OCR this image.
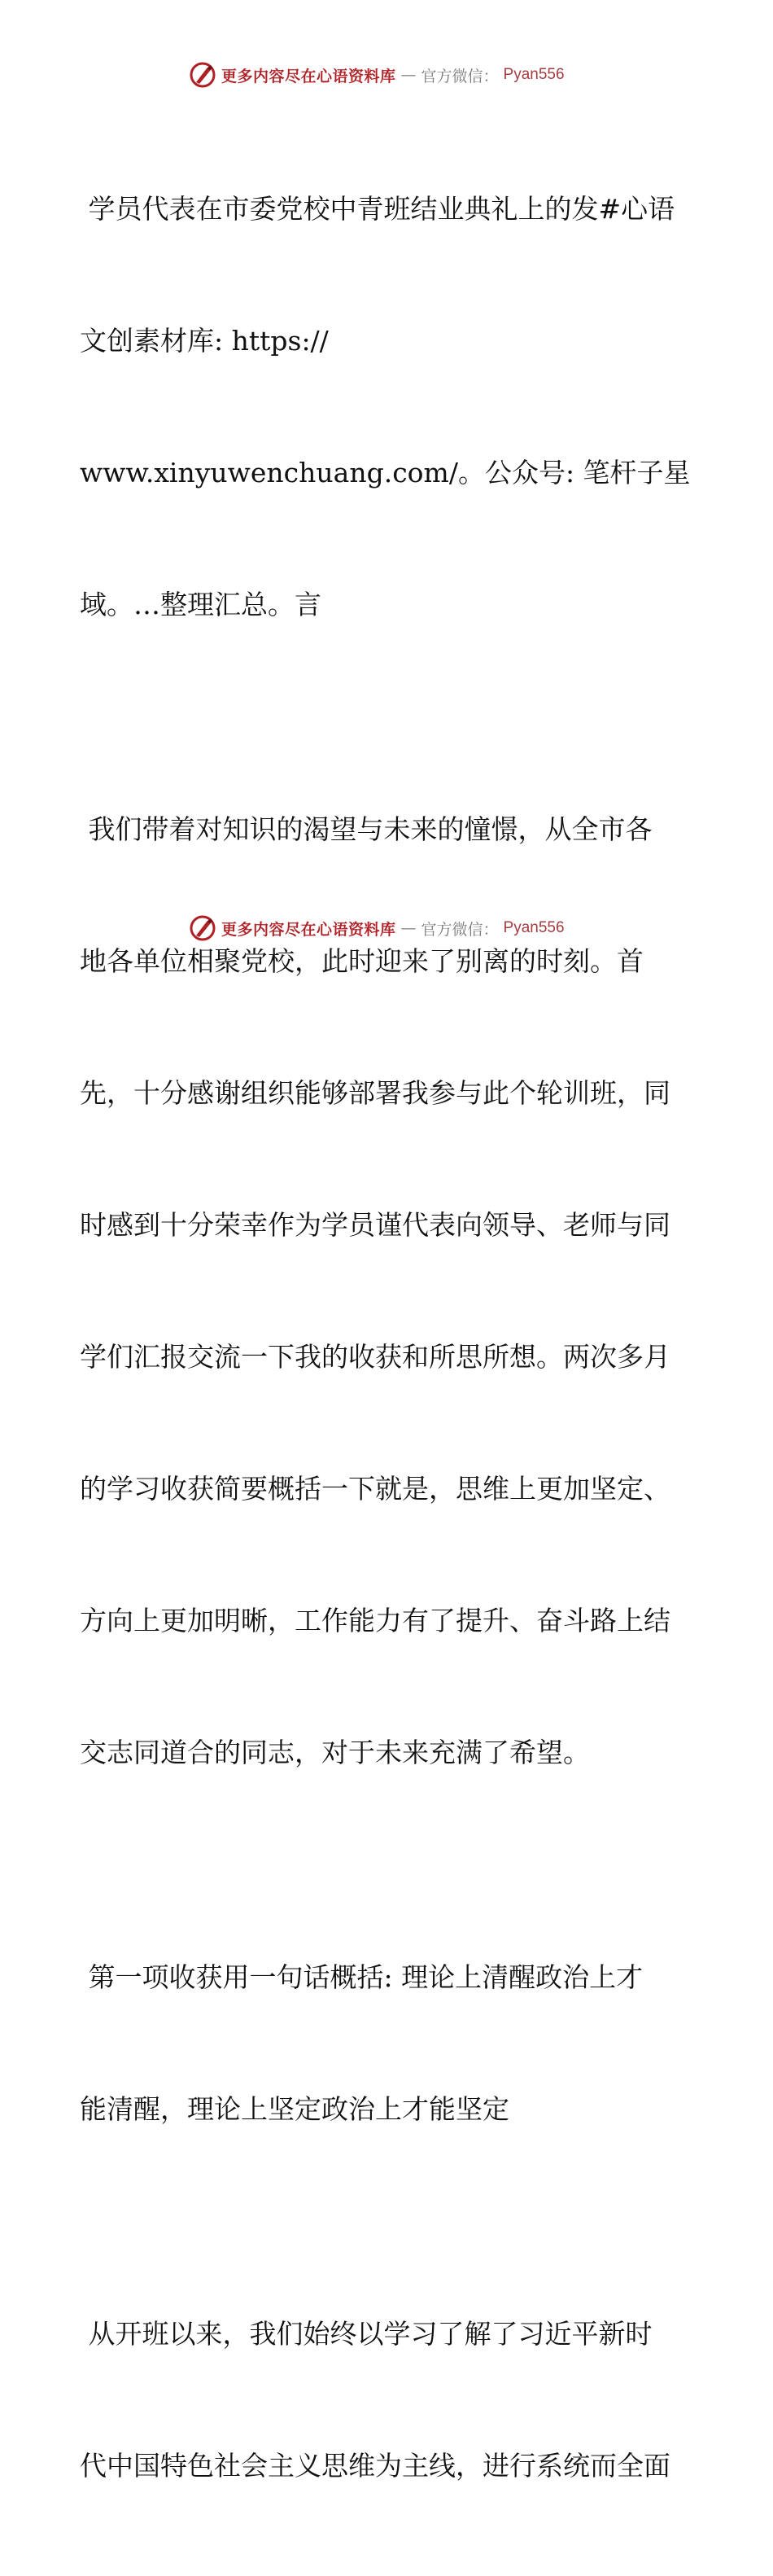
更多内容尽在心语资料库 — 官方微信： Pyan556

学员代表在市委党校中青班结业典礼上的发#心语

文创素材库: https://

www.xinyuwenchuang.com/。公众号: 笔杆子星

域。…整理汇总。言

我们带着对知识的渴望与未来的憧憬，从全市各

地各单位相聚党校，此时迎来了别离的时刻。首

先，十分感谢组织能够部署我参与此个轮训班，同

时感到十分荣幸作为学员谨代表向领导、老师与同

学们汇报交流一下我的收获和所思所想。两次多月

的学习收获简要概括一下就是，思维上更加坚定、

方向上更加明晰，工作能力有了提升、奋斗路上结

交志同道合的同志，对于未来充满了希望。

第一项收获用一句话概括: 理论上清醒政治上才

能清醒，理论上坚定政治上才能坚定

从开班以来，我们始终以学习了解了习近平新时

代中国特色社会主义思维为主线，进行系统而全面

更多内容尽在心语资料库 — 官方微信： Pyan556
